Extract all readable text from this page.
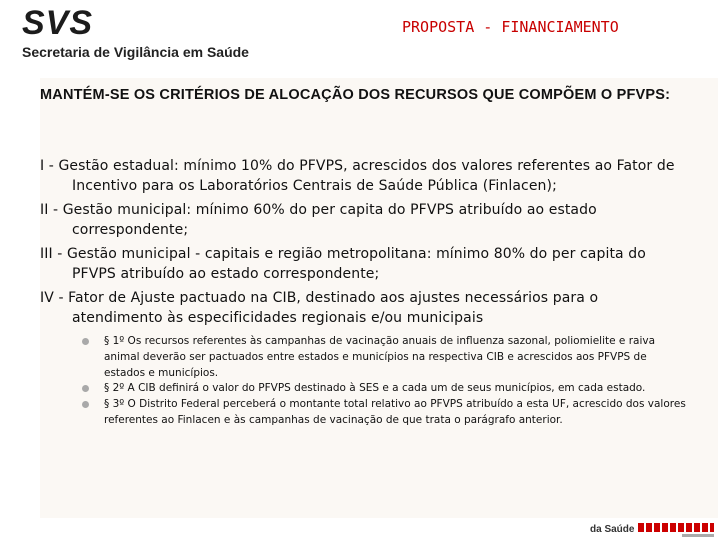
SVS
Secretaria de Vigilância em Saúde
PROPOSTA - FINANCIAMENTO

MANTÉM-SE OS CRITÉRIOS DE ALOCAÇÃO DOS RECURSOS QUE COMPÕEM O PFVPS:

I - Gestão estadual: mínimo 10% do PFVPS, acrescidos dos valores referentes ao Fator de Incentivo para os Laboratórios Centrais de Saúde Pública (Finlacen);

II - Gestão municipal: mínimo 60% do per capita do PFVPS atribuído ao estado correspondente;

III - Gestão municipal - capitais e região metropolitana: mínimo 80% do per capita do PFVPS atribuído ao estado correspondente;

IV - Fator de Ajuste pactuado na CIB, destinado aos ajustes necessários para o atendimento às especificidades regionais e/ou municipais

§ 1º Os recursos referentes às campanhas de vacinação anuais de influenza sazonal, poliomielite e raiva animal deverão ser pactuados entre estados e municípios na respectiva CIB e acrescidos aos PFVPS de estados e municípios.
§ 2º A CIB definirá o valor do PFVPS destinado à SES e a cada um de seus municípios, em cada estado.
§ 3º O Distrito Federal perceberá o montante total relativo ao PFVPS atribuído a esta UF, acrescido dos valores referentes ao Finlacen e às campanhas de vacinação de que trata o parágrafo anterior.
da Saúde
